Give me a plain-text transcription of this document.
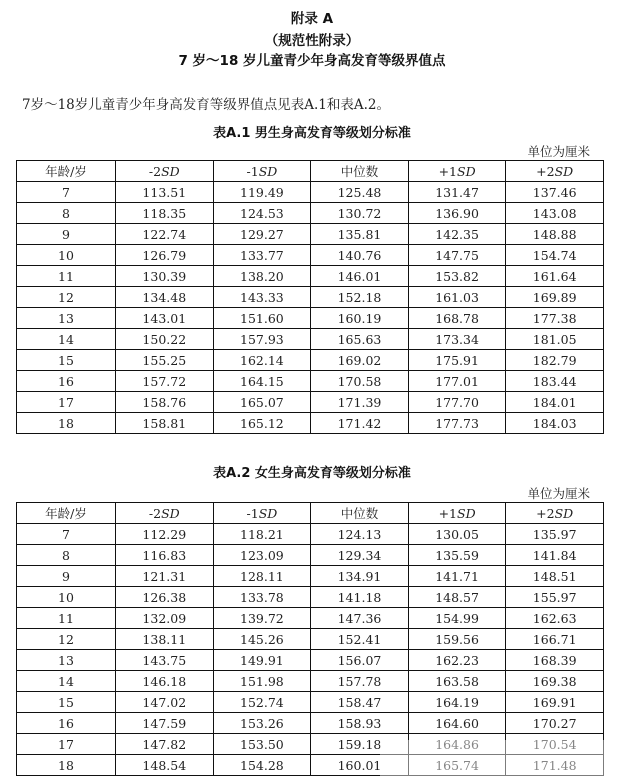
附录 A
（规范性附录）
7 岁～18 岁儿童青少年身高发育等级界值点
7岁～18岁儿童青少年身高发育等级界值点见表A.1和表A.2。
表A.1 男生身高发育等级划分标准
单位为厘米
年龄/岁	-2SD	-1SD	中位数	+1SD	+2SD
7	113.51	119.49	125.48	131.47	137.46
8	118.35	124.53	130.72	136.90	143.08
9	122.74	129.27	135.81	142.35	148.88
10	126.79	133.77	140.76	147.75	154.74
11	130.39	138.20	146.01	153.82	161.64
12	134.48	143.33	152.18	161.03	169.89
13	143.01	151.60	160.19	168.78	177.38
14	150.22	157.93	165.63	173.34	181.05
15	155.25	162.14	169.02	175.91	182.79
16	157.72	164.15	170.58	177.01	183.44
17	158.76	165.07	171.39	177.70	184.01
18	158.81	165.12	171.42	177.73	184.03
表A.2 女生身高发育等级划分标准
单位为厘米
年龄/岁	-2SD	-1SD	中位数	+1SD	+2SD
7	112.29	118.21	124.13	130.05	135.97
8	116.83	123.09	129.34	135.59	141.84
9	121.31	128.11	134.91	141.71	148.51
10	126.38	133.78	141.18	148.57	155.97
11	132.09	139.72	147.36	154.99	162.63
12	138.11	145.26	152.41	159.56	166.71
13	143.75	149.91	156.07	162.23	168.39
14	146.18	151.98	157.78	163.58	169.38
15	147.02	152.74	158.47	164.19	169.91
16	147.59	153.26	158.93	164.60	170.27
17	147.82	153.50	159.18	164.86	170.54
18	148.54	154.28	160.01	165.74	171.48
